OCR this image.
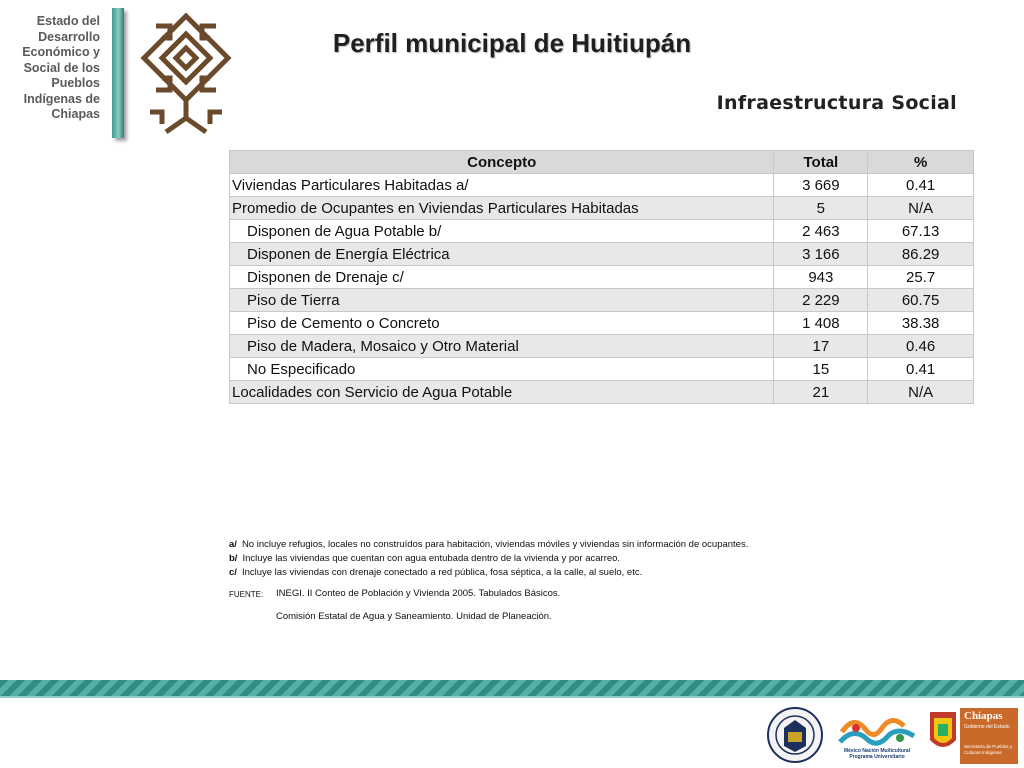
Estado del
Desarrollo
Económico y
Social de los
Pueblos
Indígenas de
Chiapas
Perfil municipal de Huitiupán
Infraestructura Social
Concepto	Total	%
Viviendas Particulares Habitadas a/	3 669	0.41
Promedio de Ocupantes en Viviendas Particulares Habitadas	5	N/A
Disponen de Agua Potable b/	2 463	67.13
Disponen de Energía Eléctrica	3 166	86.29
Disponen de Drenaje c/	943	25.7
Piso de Tierra	2 229	60.75
Piso de Cemento o Concreto	1 408	38.38
Piso de Madera, Mosaico y Otro Material	17	0.46
No Especificado	15	0.41
Localidades con Servicio de Agua Potable	21	N/A
a/ No incluye refugios, locales no construídos para habitación, viviendas móviles y viviendas sin información de ocupantes.
b/ Incluye las viviendas que cuentan con agua entubada dentro de la vivienda y por acarreo.
c/ Incluye las viviendas con drenaje conectado a red pública, fosa séptica, a la calle, al suelo, etc.
FUENTE: INEGI. II Conteo de Población y Vivienda 2005. Tabulados Básicos.
Comisión Estatal de Agua y Saneamiento. Unidad de Planeación.
México Nación Multicultural
Programa Universitario
Chiapas
Gobierno del Estado
Secretaría de Pueblos y Culturas Indígenas
